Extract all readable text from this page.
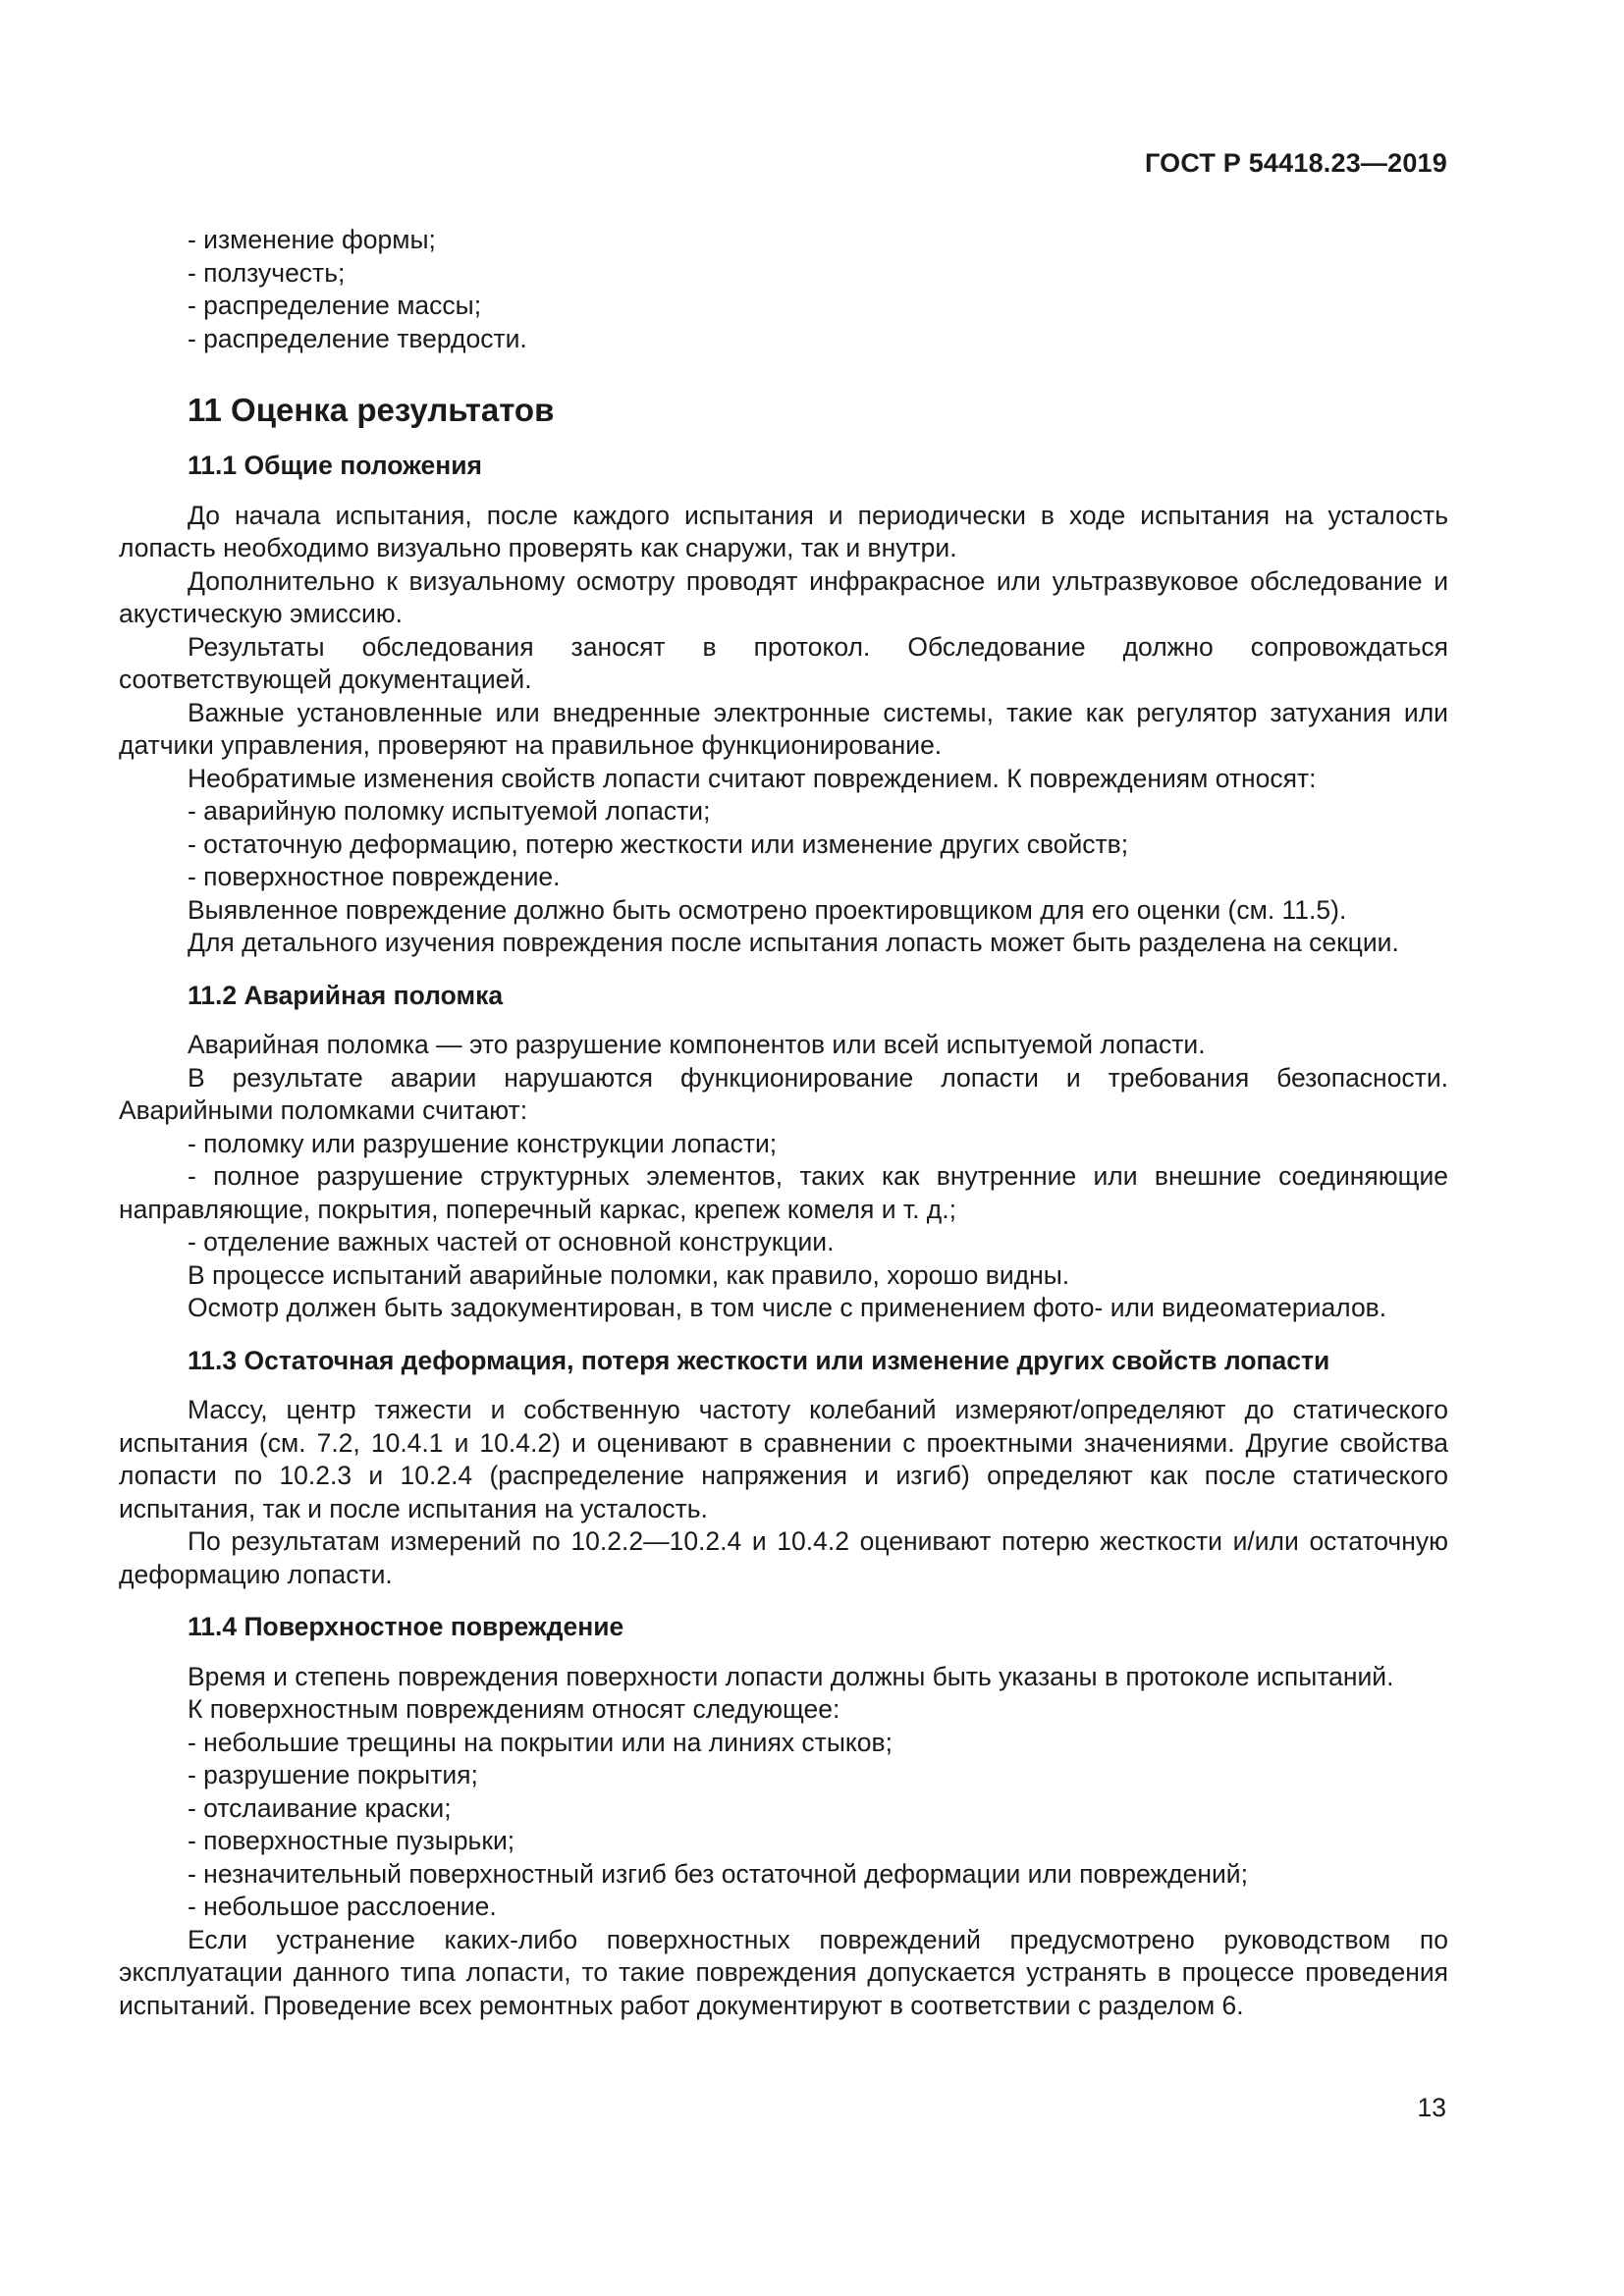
ГОСТ Р 54418.23—2019
- изменение формы;
- ползучесть;
- распределение массы;
- распределение твердости.
11 Оценка результатов
11.1 Общие положения

До начала испытания, после каждого испытания и периодически в ходе испытания на усталость лопасть необходимо визуально проверять как снаружи, так и внутри.

Дополнительно к визуальному осмотру проводят инфракрасное или ультразвуковое обследование и акустическую эмиссию.

Результаты обследования заносят в протокол. Обследование должно сопровождаться соответствующей документацией.

Важные установленные или внедренные электронные системы, такие как регулятор затухания или датчики управления, проверяют на правильное функционирование.

Необратимые изменения свойств лопасти считают повреждением. К повреждениям относят:

- аварийную поломку испытуемой лопасти;
- остаточную деформацию, потерю жесткости или изменение других свойств;
- поверхностное повреждение.

Выявленное повреждение должно быть осмотрено проектировщиком для его оценки (см. 11.5).

Для детального изучения повреждения после испытания лопасть может быть разделена на секции.

11.2 Аварийная поломка

Аварийная поломка — это разрушение компонентов или всей испытуемой лопасти.

В результате аварии нарушаются функционирование лопасти и требования безопасности. Аварийными поломками считают:

- поломку или разрушение конструкции лопасти;

- полное разрушение структурных элементов, таких как внутренние или внешние соединяющие направляющие, покрытия, поперечный каркас, крепеж комеля и т. д.;

- отделение важных частей от основной конструкции.

В процессе испытаний аварийные поломки, как правило, хорошо видны.

Осмотр должен быть задокументирован, в том числе с применением фото- или видеоматериалов.

11.3 Остаточная деформация, потеря жесткости или изменение других свойств лопасти

Массу, центр тяжести и собственную частоту колебаний измеряют/определяют до статического испытания (см. 7.2, 10.4.1 и 10.4.2) и оценивают в сравнении с проектными значениями. Другие свойства лопасти по 10.2.3 и 10.2.4 (распределение напряжения и изгиб) определяют как после статического испытания, так и после испытания на усталость.

По результатам измерений по 10.2.2—10.2.4 и 10.4.2 оценивают потерю жесткости и/или остаточную деформацию лопасти.

11.4 Поверхностное повреждение

Время и степень повреждения поверхности лопасти должны быть указаны в протоколе испытаний.

К поверхностным повреждениям относят следующее:

- небольшие трещины на покрытии или на линиях стыков;
- разрушение покрытия;
- отслаивание краски;
- поверхностные пузырьки;
- незначительный поверхностный изгиб без остаточной деформации или повреждений;
- небольшое расслоение.

Если устранение каких-либо поверхностных повреждений предусмотрено руководством по эксплуатации данного типа лопасти, то такие повреждения допускается устранять в процессе проведения испытаний. Проведение всех ремонтных работ документируют в соответствии с разделом 6.

13
